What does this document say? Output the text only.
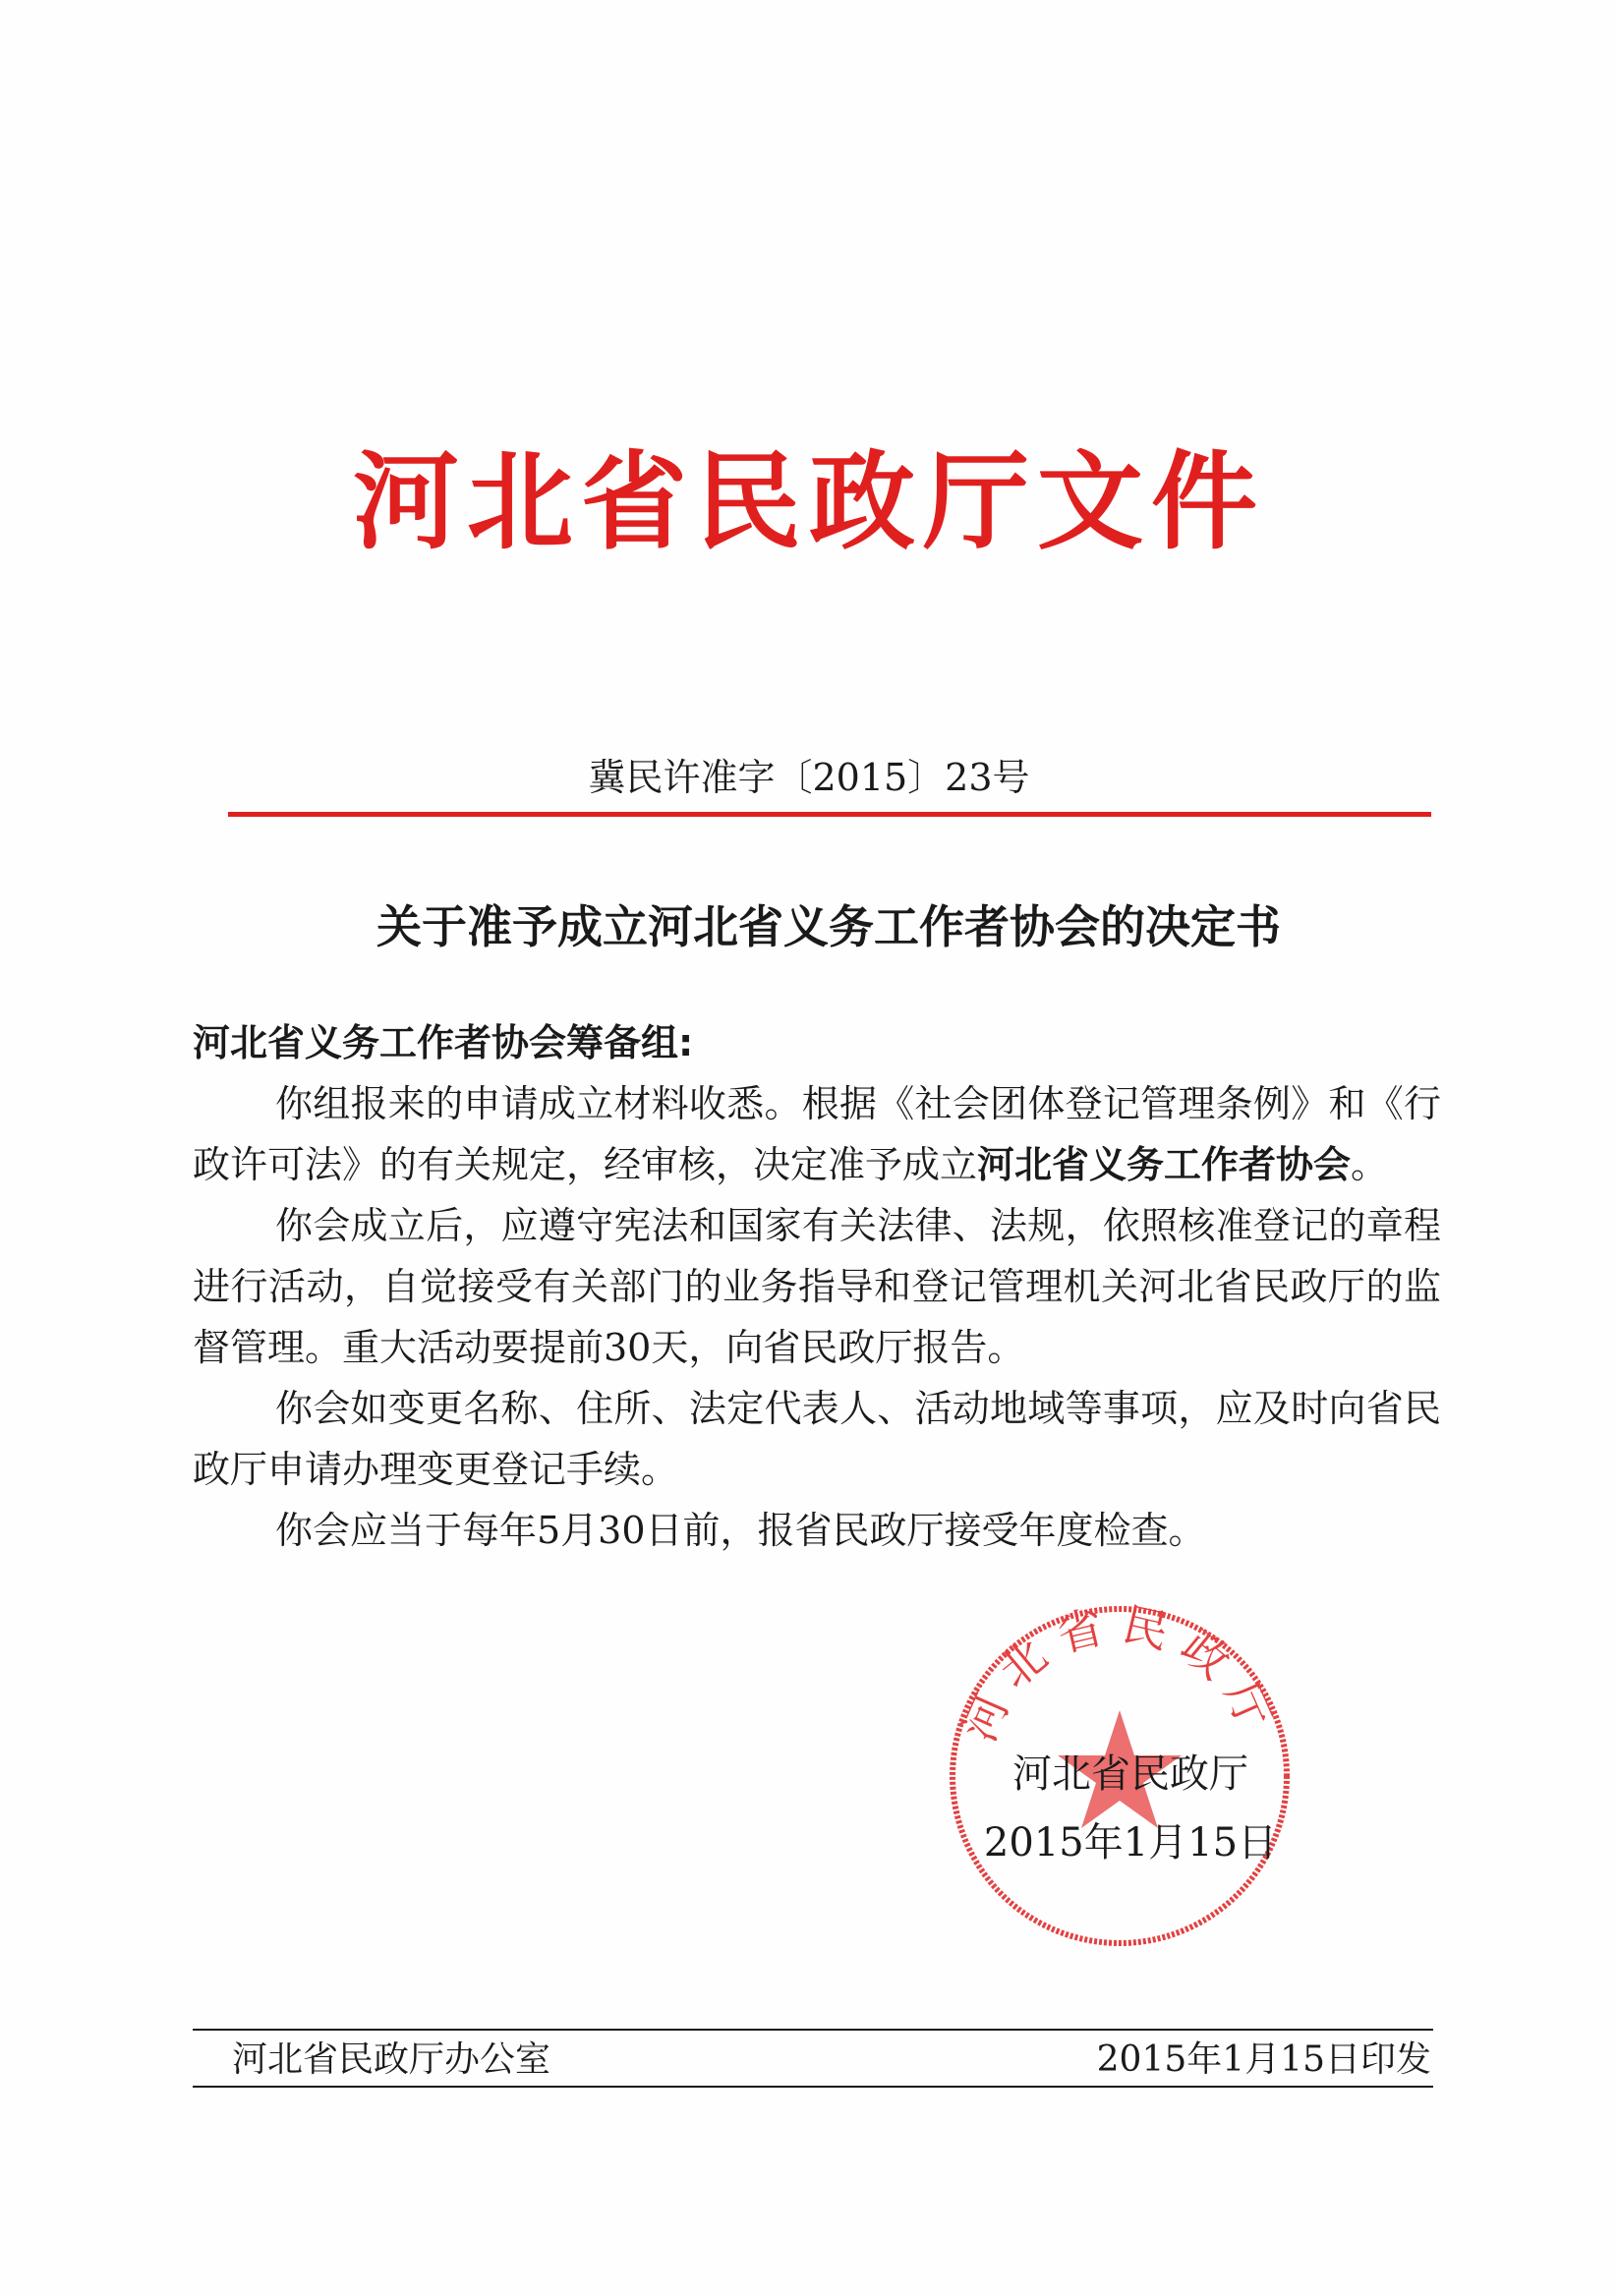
河北省民政厅文件
冀民许准字〔2015〕23号
关于准予成立河北省义务工作者协会的决定书

河北省义务工作者协会筹备组:

你组报来的申请成立材料收悉。根据《社会团体登记管理条例》和《行政许可法》的有关规定，经审核，决定准予成立河北省义务工作者协会。

你会成立后，应遵守宪法和国家有关法律、法规，依照核准登记的章程进行活动，自觉接受有关部门的业务指导和登记管理机关河北省民政厅的监督管理。重大活动要提前30天，向省民政厅报告。

你会如变更名称、住所、法定代表人、活动地域等事项，应及时向省民政厅申请办理变更登记手续。

你会应当于每年5月30日前，报省民政厅接受年度检查。

河北省民政厅
河北省民政厅
2015年1月15日
河北省民政厅办公室	2015年1月15日印发
